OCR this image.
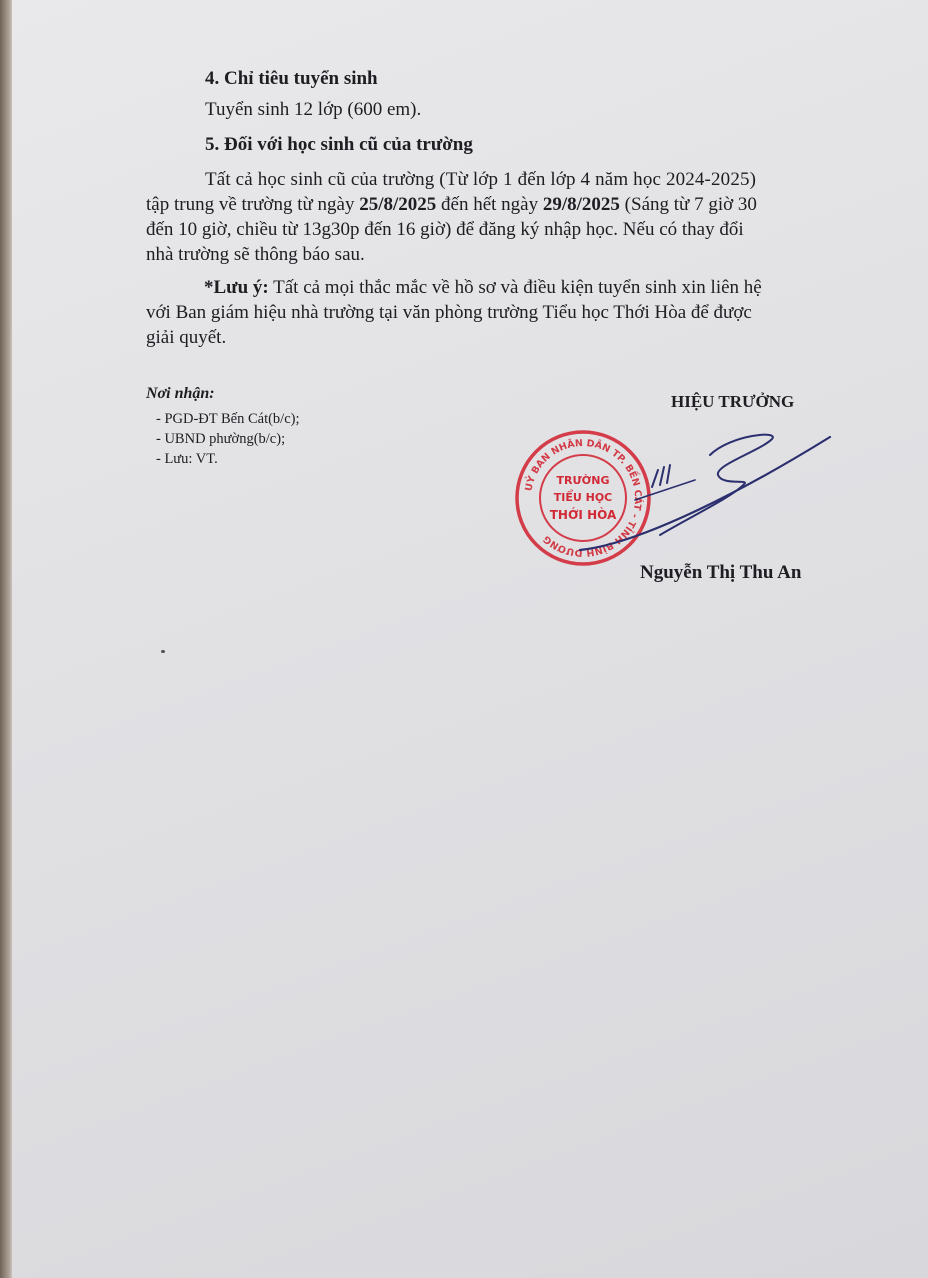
4. Chỉ tiêu tuyển sinh
Tuyển sinh 12 lớp (600 em).
5. Đối với học sinh cũ của trường
Tất cả học sinh cũ của trường (Từ lớp 1 đến lớp 4 năm học 2024-2025)
tập trung về trường từ ngày 25/8/2025 đến hết ngày 29/8/2025 (Sáng từ 7 giờ 30
đến 10 giờ, chiều từ 13g30p đến 16 giờ) để đăng ký nhập học. Nếu có thay đổi
nhà trường sẽ thông báo sau.
*Lưu ý: Tất cả mọi thắc mắc về hồ sơ và điều kiện tuyển sinh xin liên hệ
với Ban giám hiệu nhà trường tại văn phòng trường Tiểu học Thới Hòa để được
giải quyết.
Nơi nhận:
- PGD-ĐT Bến Cát(b/c);
- UBND phường(b/c);
- Lưu: VT.
HIỆU TRƯỞNG
UỶ BAN NHÂN DÂN TP. BẾN CÁT - TỈNH BÌNH DƯƠNG
TRƯỜNG
TIỂU HỌC
THỚI HÒA
Nguyễn Thị Thu An
